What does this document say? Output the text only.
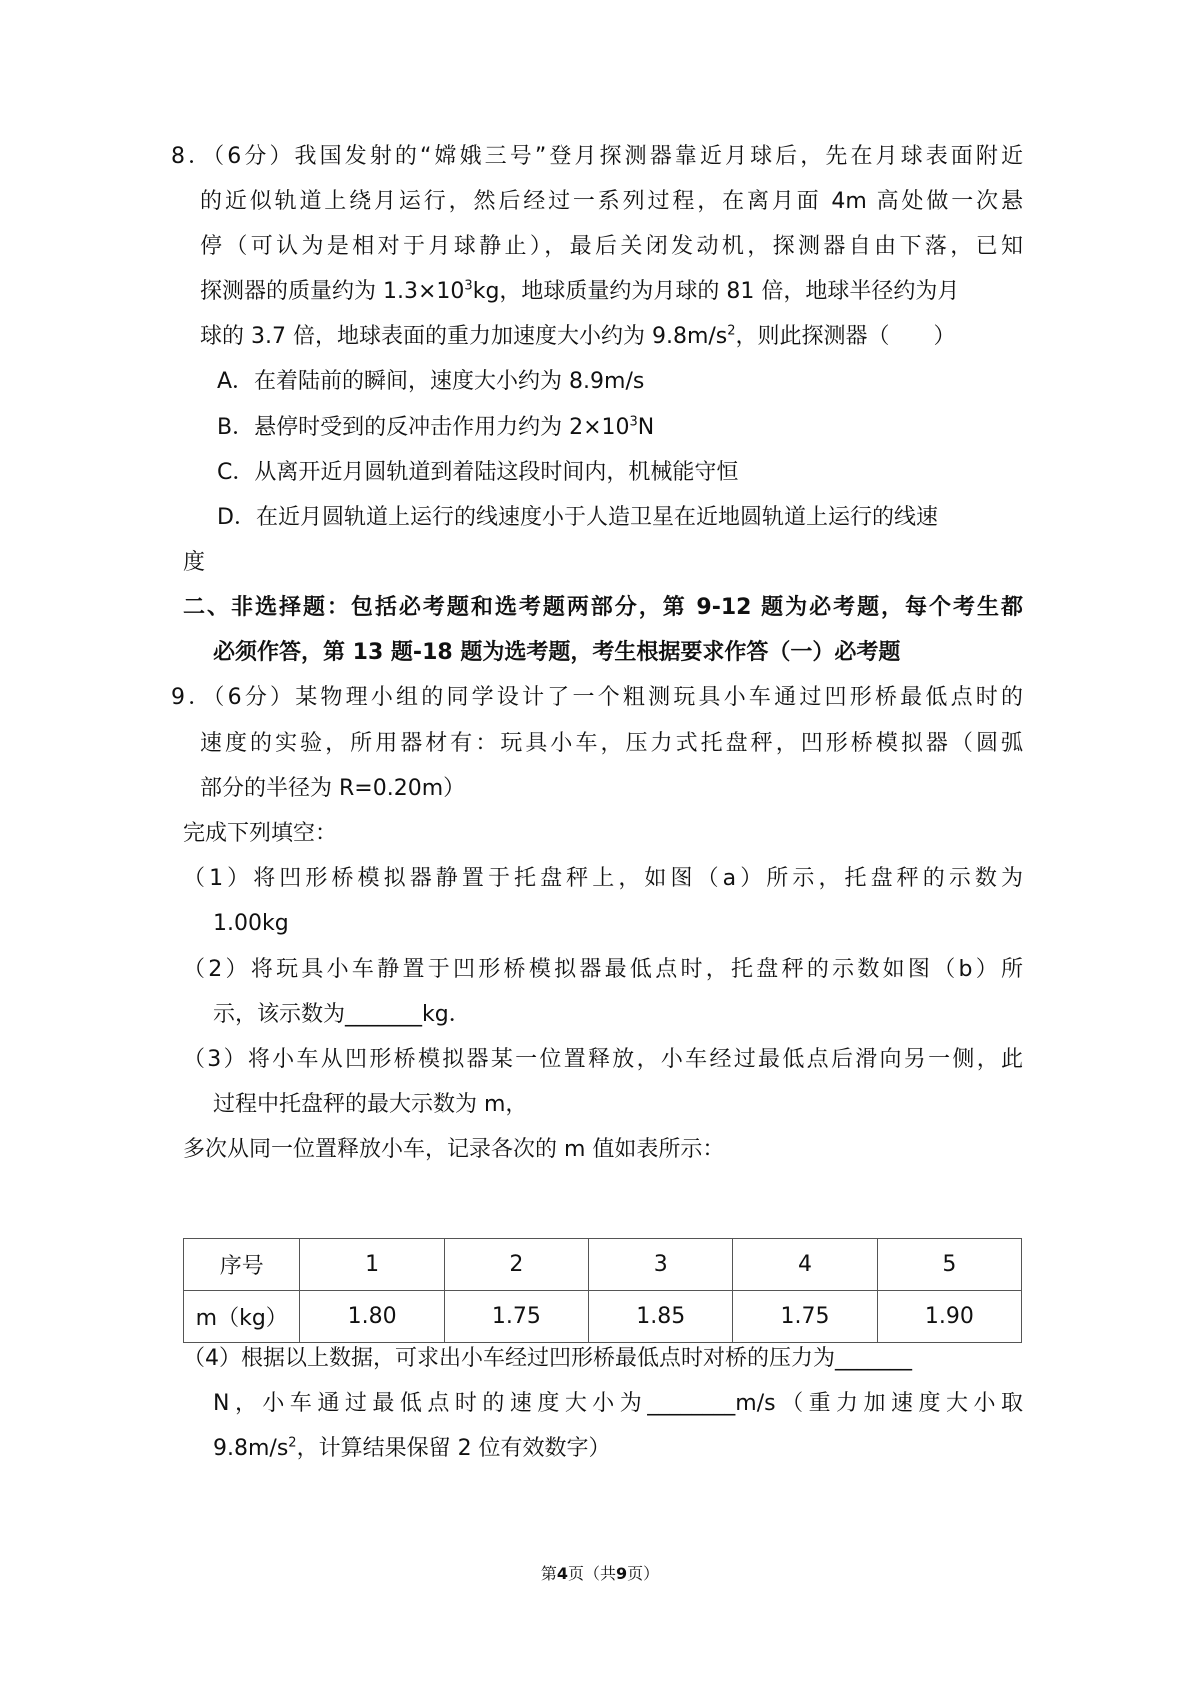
8．（6分）我国发射的“嫦娥三号”登月探测器靠近月球后，先在月球表面附近
的近似轨道上绕月运行，然后经过一系列过程，在离月面 4m 高处做一次悬
停（可认为是相对于月球静止），最后关闭发动机，探测器自由下落，已知
探测器的质量约为 $1.3\times 10^3kg$，地球质量约为月球的 81 倍，地球半径约为月
球的 3.7 倍，地球表面的重力加速度大小约为 $9.8m/s^2$，则此探测器（　　）
A．在着陆前的瞬间，速度大小约为 8.9m/s
B．悬停时受到的反冲击作用力约为 $2\times 10^3N$
C．从离开近月圆轨道到着陆这段时间内，机械能守恒
D．在近月圆轨道上运行的线速度小于人造卫星在近地圆轨道上运行的线速
度
二、非选择题：包括必考题和选考题两部分，第 9-12 题为必考题，每个考生都
必须作答，第 13 题-18 题为选考题，考生根据要求作答（一）必考题
9．（6分）某物理小组的同学设计了一个粗测玩具小车通过凹形桥最低点时的
速度的实验，所用器材有：玩具小车，压力式托盘秤，凹形桥模拟器（圆弧
部分的半径为 R=0.20m）
完成下列填空：
（1）将凹形桥模拟器静置于托盘秤上，如图（a）所示，托盘秤的示数为
1.00kg
（2）将玩具小车静置于凹形桥模拟器最低点时，托盘秤的示数如图（b）所
示，该示数为_______kg．
（3）将小车从凹形桥模拟器某一位置释放，小车经过最低点后滑向另一侧，此
过程中托盘秤的最大示数为 m，
多次从同一位置释放小车，记录各次的 m 值如表所示：
序号	1	2	3	4	5
m（kg）	1.80	1.75	1.85	1.75	1.90
（4）根据以上数据，可求出小车经过凹形桥最低点时对桥的压力为_______
N，小车通过最低点时的速度大小为________m/s（重力加速度大小取
$9.8m/s^2$，计算结果保留 2 位有效数字）
第4页（共9页）
